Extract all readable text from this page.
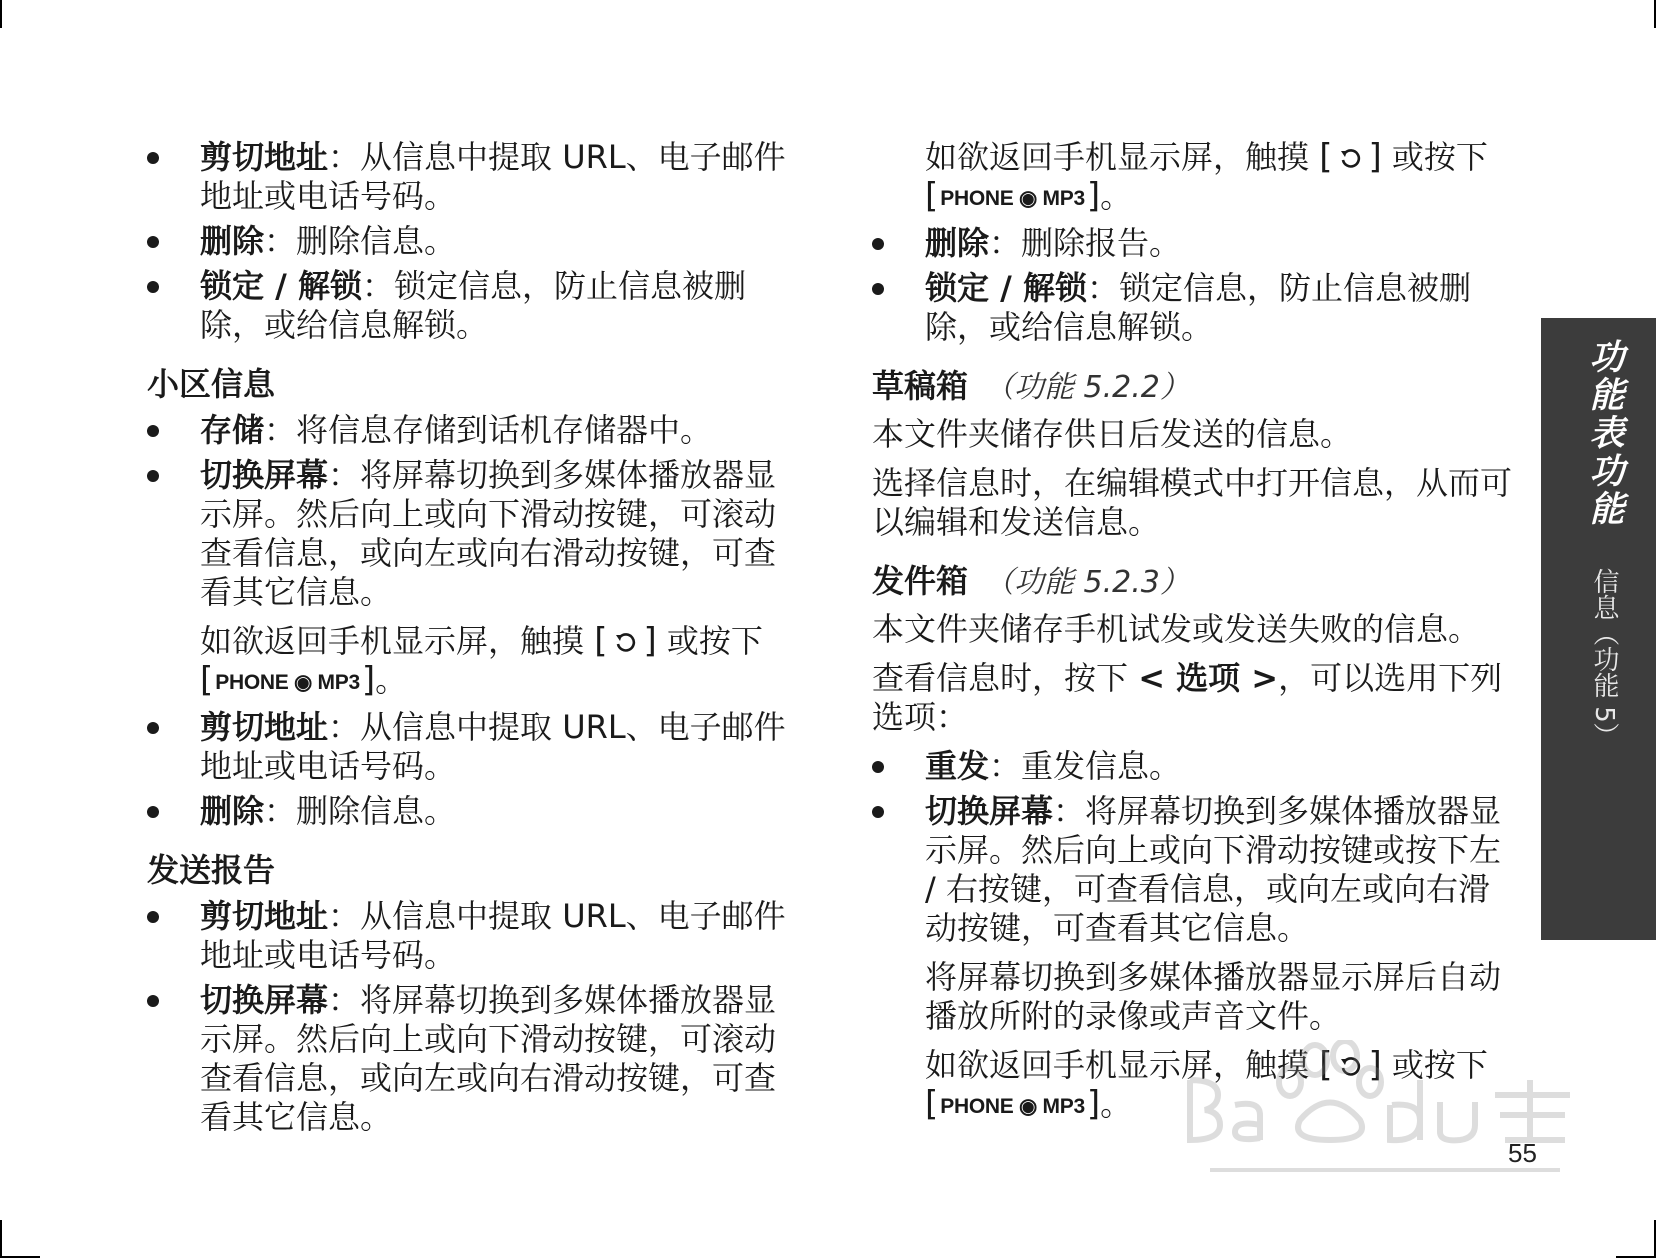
剪切地址：从信息中提取 URL、电子邮件地址或电话号码。
删除：删除信息。
锁定 / 解锁：锁定信息，防止信息被删除，或给信息解锁。
小区信息
存储：将信息存储到话机存储器中。
切换屏幕：将屏幕切换到多媒体播放器显示屏。然后向上或向下滑动按键，可滚动查看信息，或向左或向右滑动按键，可查看其它信息。
如欲返回手机显示屏，触摸 [ ] 或按下
[PHONE ◉ MP3]。
剪切地址：从信息中提取 URL、电子邮件地址或电话号码。
删除：删除信息。
发送报告
剪切地址：从信息中提取 URL、电子邮件地址或电话号码。
切换屏幕：将屏幕切换到多媒体播放器显示屏。然后向上或向下滑动按键，可滚动查看信息，或向左或向右滑动按键，可查看其它信息。
如欲返回手机显示屏，触摸 [ ] 或按下
[PHONE ◉ MP3]。
删除：删除报告。
锁定 / 解锁：锁定信息，防止信息被删除，或给信息解锁。
草稿箱 （功能 5.2.2）
本文件夹储存供日后发送的信息。
选择信息时，在编辑模式中打开信息，从而可以编辑和发送信息。
发件箱 （功能 5.2.3）
本文件夹储存手机试发或发送失败的信息。
查看信息时，按下 < 选项 >，可以选用下列选项：
重发：重发信息。
切换屏幕：将屏幕切换到多媒体播放器显示屏。然后向上或向下滑动按键或按下左 / 右按键，可查看信息，或向左或向右滑动按键，可查看其它信息。
将屏幕切换到多媒体播放器显示屏后自动播放所附的录像或声音文件。
如欲返回手机显示屏，触摸 [ ] 或按下
[PHONE ◉ MP3]。
功能表功能信息（功能 5）
55
